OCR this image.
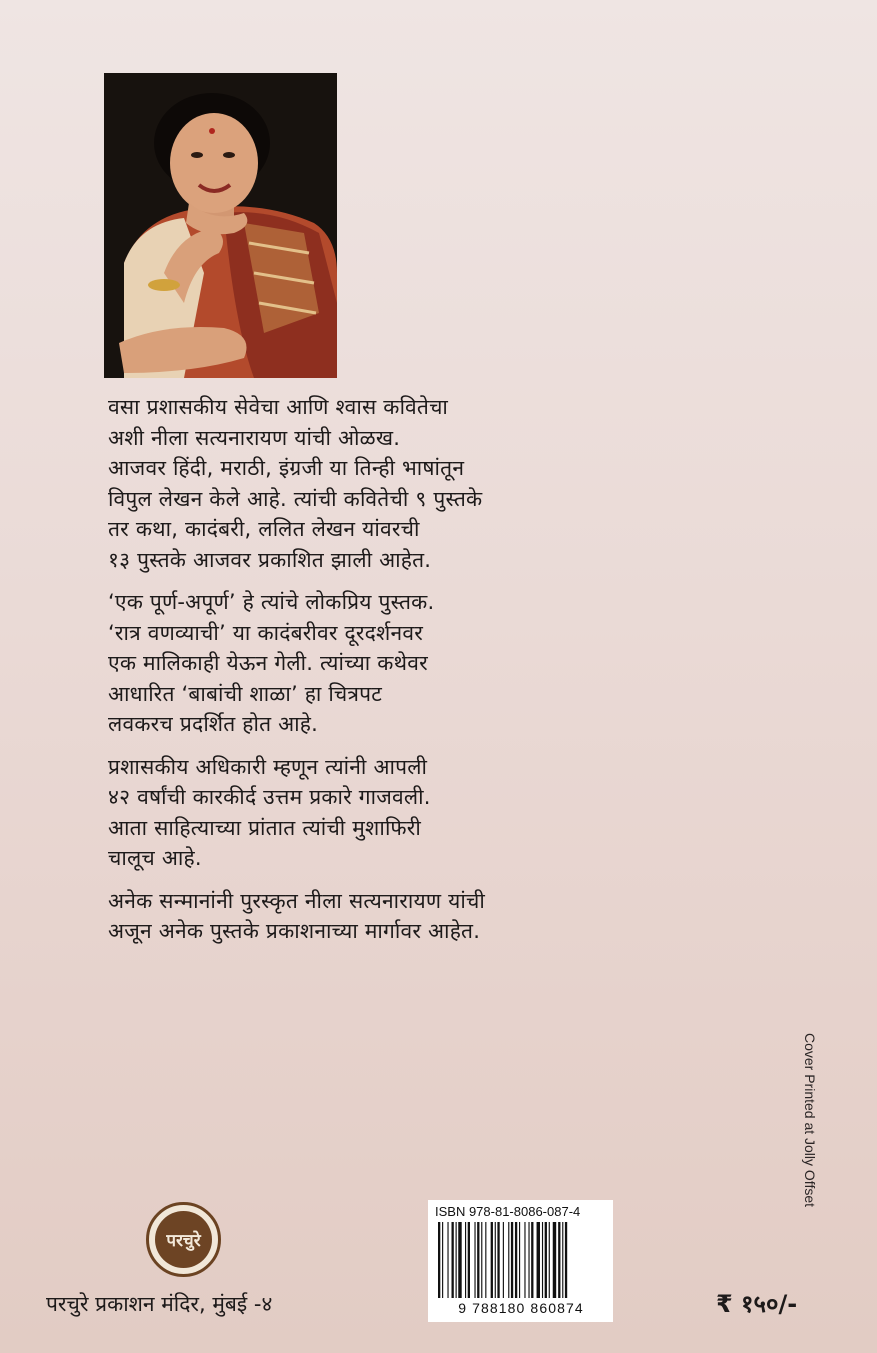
वसा प्रशासकीय सेवेचा आणि श्वास कवितेचा
अशी नीला सत्यनारायण यांची ओळख.
आजवर हिंदी, मराठी, इंग्रजी या तिन्ही भाषांतून
विपुल लेखन केले आहे. त्यांची कवितेची ९ पुस्तके
तर कथा, कादंबरी, ललित लेखन यांवरची
१३ पुस्तके आजवर प्रकाशित झाली आहेत.
‘एक पूर्ण-अपूर्ण’ हे त्यांचे लोकप्रिय पुस्तक.
‘रात्र वणव्याची’ या कादंबरीवर दूरदर्शनवर
एक मालिकाही येऊन गेली. त्यांच्या कथेवर
आधारित ‘बाबांची शाळा’ हा चित्रपट
लवकरच प्रदर्शित होत आहे.
प्रशासकीय अधिकारी म्हणून त्यांनी आपली
४२ वर्षांची कारकीर्द उत्तम प्रकारे गाजवली.
आता साहित्याच्या प्रांतात त्यांची मुशाफिरी
चालूच आहे.
अनेक सन्मानांनी पुरस्कृत नीला सत्यनारायण यांची
अजून अनेक पुस्तके प्रकाशनाच्या मार्गावर आहेत.
Cover Printed at Jolly Offset
परचुरे
परचुरे प्रकाशन मंदिर, मुंबई -४
ISBN 978-81-8086-087-4
9 788180 860874	₹ १५०/-
